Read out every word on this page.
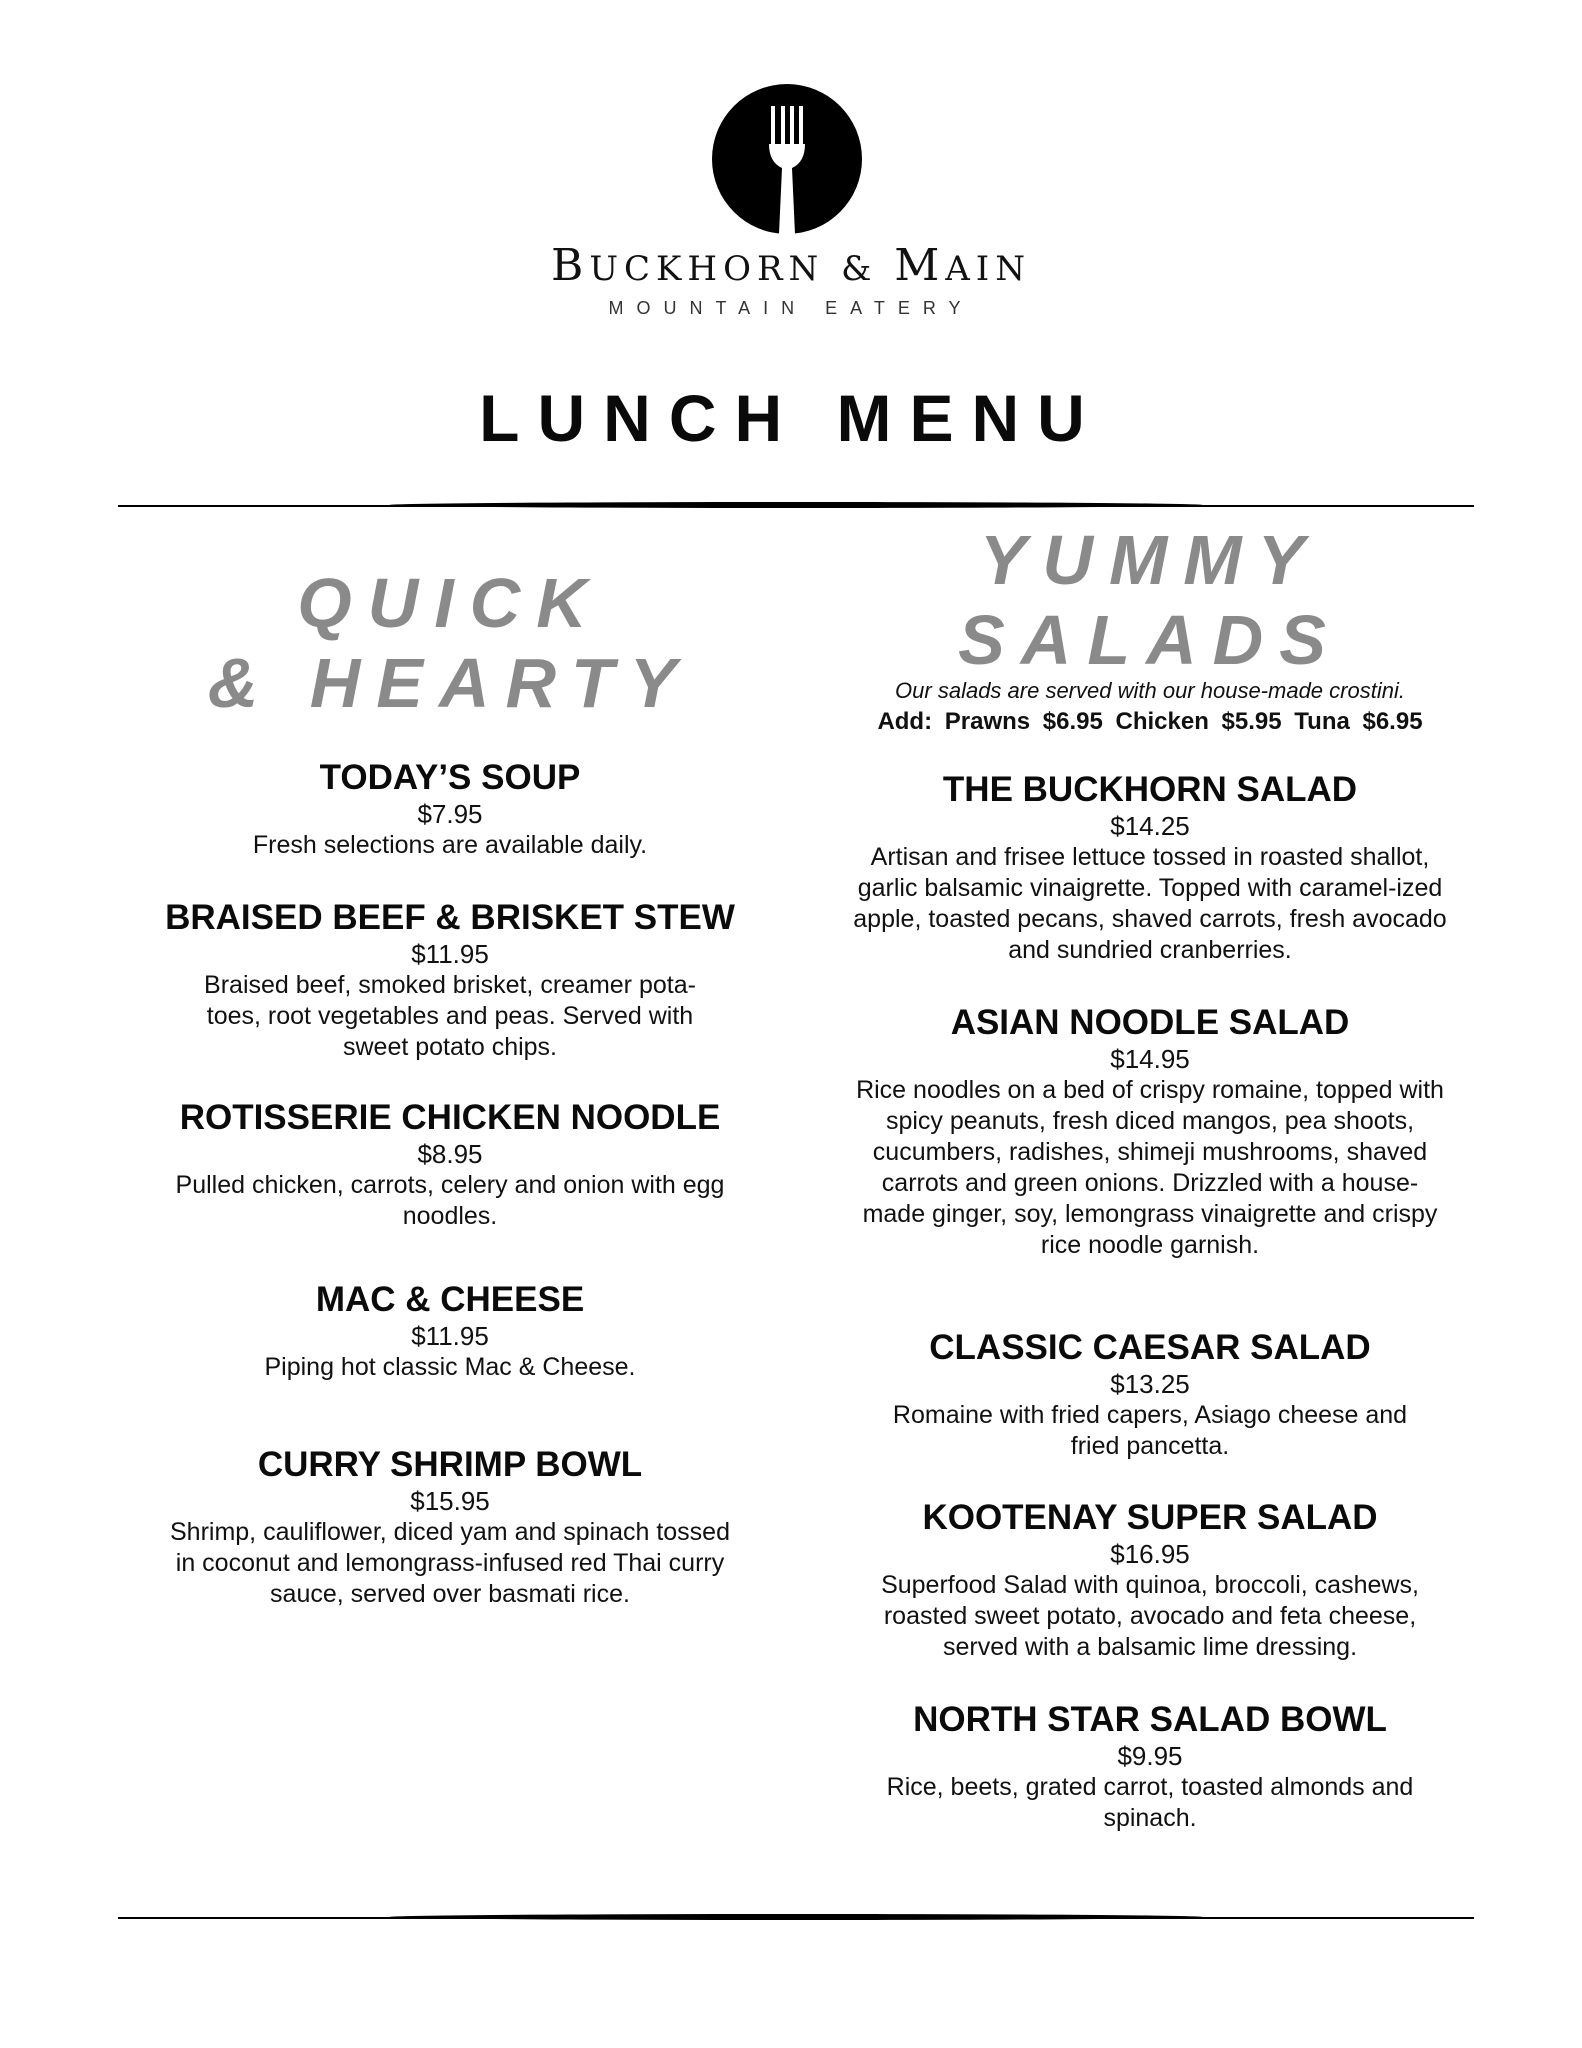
BUCKHORN & MAIN
MOUNTAIN EATERY
LUNCH MENU
QUICK
& HEARTY
YUMMY
SALADS
Our salads are served with our house-made crostini.
Add: Prawns $6.95 Chicken $5.95 Tuna $6.95
TODAY’S SOUP
$7.95
Fresh selections are available daily.
BRAISED BEEF & BRISKET STEW
$11.95
Braised beef, smoked brisket, creamer pota-toes, root vegetables and peas. Served with sweet potato chips.
ROTISSERIE CHICKEN NOODLE
$8.95
Pulled chicken, carrots, celery and onion with egg noodles.
MAC & CHEESE
$11.95
Piping hot classic Mac & Cheese.
CURRY SHRIMP BOWL
$15.95
Shrimp, cauliflower, diced yam and spinach tossed in coconut and lemongrass-infused red Thai curry sauce, served over basmati rice.
THE BUCKHORN SALAD
$14.25
Artisan and frisee lettuce tossed in roasted shallot, garlic balsamic vinaigrette. Topped with caramel-ized apple, toasted pecans, shaved carrots, fresh avocado and sundried cranberries.
ASIAN NOODLE SALAD
$14.95
Rice noodles on a bed of crispy romaine, topped with spicy peanuts, fresh diced mangos, pea shoots, cucumbers, radishes, shimeji mushrooms, shaved carrots and green onions. Drizzled with a house-made ginger, soy, lemongrass vinaigrette and crispy rice noodle garnish.
CLASSIC CAESAR SALAD
$13.25
Romaine with fried capers, Asiago cheese and fried pancetta.
KOOTENAY SUPER SALAD
$16.95
Superfood Salad with quinoa, broccoli, cashews, roasted sweet potato, avocado and feta cheese, served with a balsamic lime dressing.
NORTH STAR SALAD BOWL
$9.95
Rice, beets, grated carrot, toasted almonds and spinach.
